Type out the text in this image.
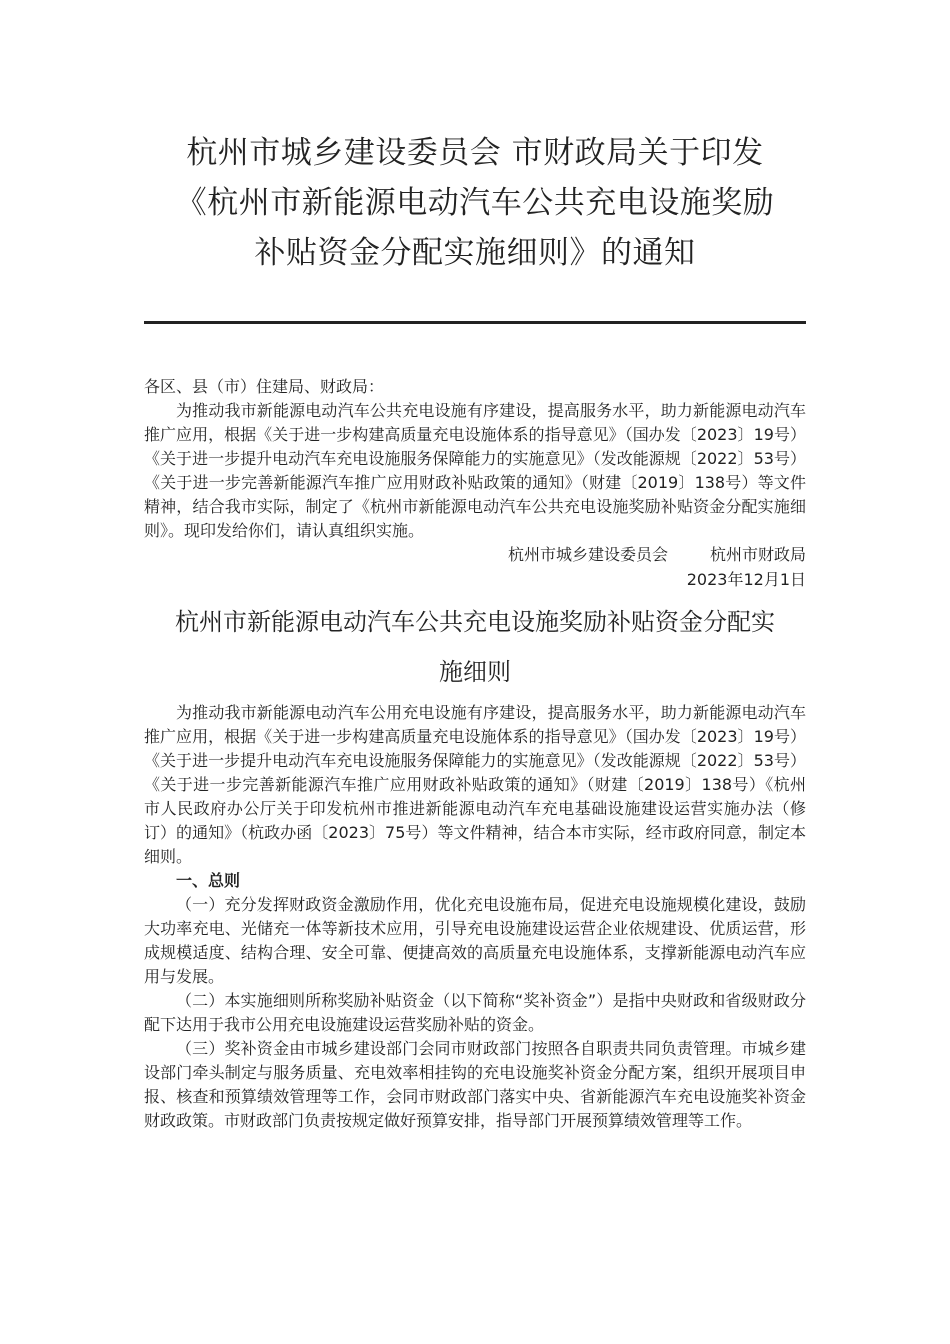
杭州市城乡建设委员会 市财政局关于印发
《杭州市新能源电动汽车公共充电设施奖励
补贴资金分配实施细则》的通知

各区、县（市）住建局、财政局：

为推动我市新能源电动汽车公共充电设施有序建设，提高服务水平，助力新能源电动汽车推广应用，根据《关于进一步构建高质量充电设施体系的指导意见》（国办发〔2023〕19号）《关于进一步提升电动汽车充电设施服务保障能力的实施意见》（发改能源规〔2022〕53号）《关于进一步完善新能源汽车推广应用财政补贴政策的通知》（财建〔2019〕138号）等文件精神，结合我市实际，制定了《杭州市新能源电动汽车公共充电设施奖励补贴资金分配实施细则》。现印发给你们，请认真组织实施。

杭州市城乡建设委员会	杭州市财政局

2023年12月1日

杭州市新能源电动汽车公共充电设施奖励补贴资金分配实
施细则

为推动我市新能源电动汽车公用充电设施有序建设，提高服务水平，助力新能源电动汽车推广应用，根据《关于进一步构建高质量充电设施体系的指导意见》（国办发〔2023〕19号）《关于进一步提升电动汽车充电设施服务保障能力的实施意见》（发改能源规〔2022〕53号）《关于进一步完善新能源汽车推广应用财政补贴政策的通知》（财建〔2019〕138号）《杭州市人民政府办公厅关于印发杭州市推进新能源电动汽车充电基础设施建设运营实施办法（修订）的通知》（杭政办函〔2023〕75号）等文件精神，结合本市实际，经市政府同意，制定本细则。

一、总则

（一）充分发挥财政资金激励作用，优化充电设施布局，促进充电设施规模化建设，鼓励大功率充电、光储充一体等新技术应用，引导充电设施建设运营企业依规建设、优质运营，形成规模适度、结构合理、安全可靠、便捷高效的高质量充电设施体系，支撑新能源电动汽车应用与发展。

（二）本实施细则所称奖励补贴资金（以下简称“奖补资金”）是指中央财政和省级财政分配下达用于我市公用充电设施建设运营奖励补贴的资金。

（三）奖补资金由市城乡建设部门会同市财政部门按照各自职责共同负责管理。市城乡建设部门牵头制定与服务质量、充电效率相挂钩的充电设施奖补资金分配方案，组织开展项目申报、核查和预算绩效管理等工作，会同市财政部门落实中央、省新能源汽车充电设施奖补资金财政政策。市财政部门负责按规定做好预算安排，指导部门开展预算绩效管理等工作。
